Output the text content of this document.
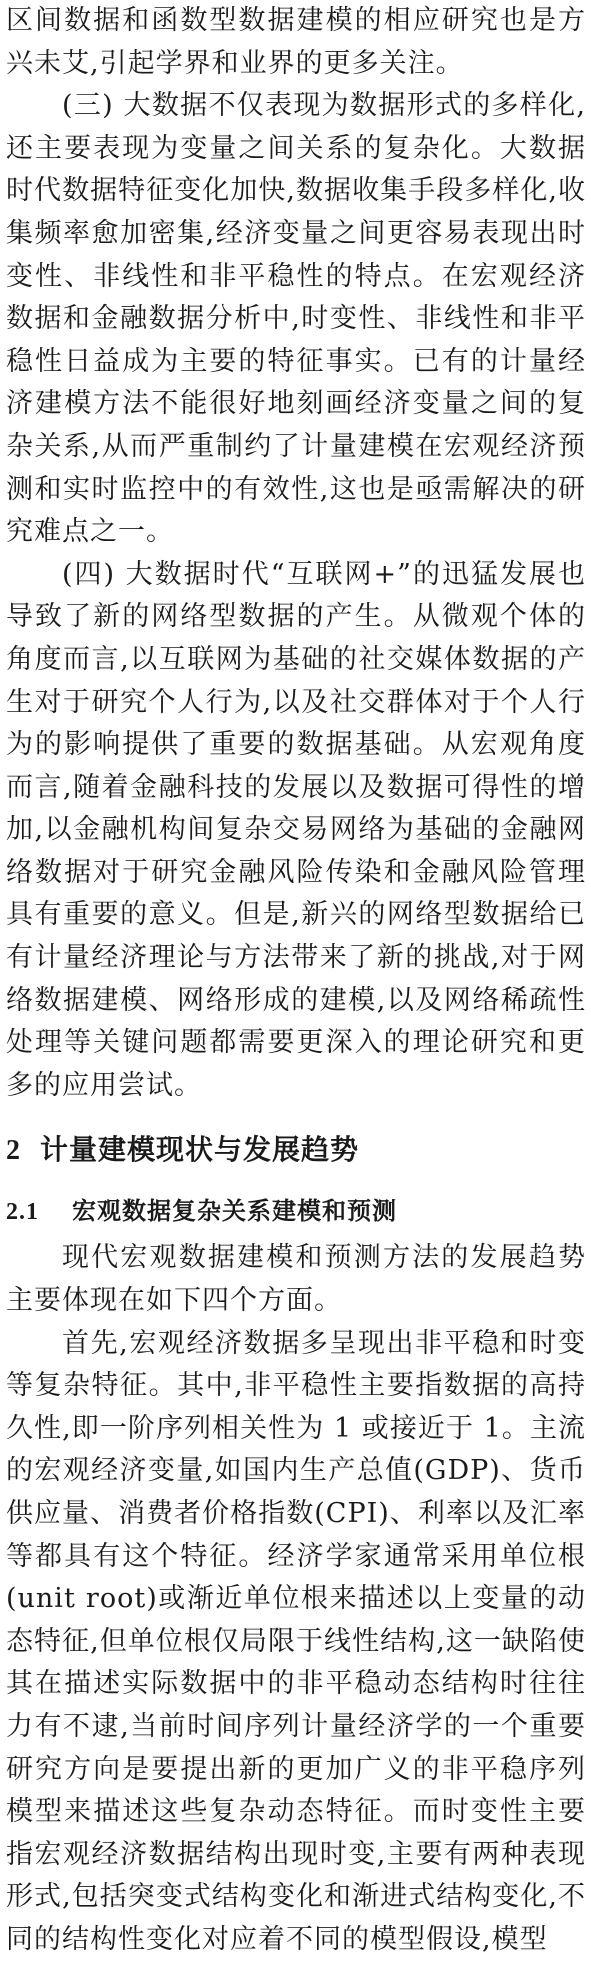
区间数据和函数型数据建模的相应研究也是方兴未艾,引起学界和业界的更多关注。

(三) 大数据不仅表现为数据形式的多样化,还主要表现为变量之间关系的复杂化。大数据时代数据特征变化加快,数据收集手段多样化,收集频率愈加密集,经济变量之间更容易表现出时变性、非线性和非平稳性的特点。在宏观经济数据和金融数据分析中,时变性、非线性和非平稳性日益成为主要的特征事实。已有的计量经济建模方法不能很好地刻画经济变量之间的复杂关系,从而严重制约了计量建模在宏观经济预测和实时监控中的有效性,这也是亟需解决的研究难点之一。

(四) 大数据时代“互联网+”的迅猛发展也导致了新的网络型数据的产生。从微观个体的角度而言,以互联网为基础的社交媒体数据的产生对于研究个人行为,以及社交群体对于个人行为的影响提供了重要的数据基础。从宏观角度而言,随着金融科技的发展以及数据可得性的增加,以金融机构间复杂交易网络为基础的金融网络数据对于研究金融风险传染和金融风险管理具有重要的意义。但是,新兴的网络型数据给已有计量经济理论与方法带来了新的挑战,对于网络数据建模、网络形成的建模,以及网络稀疏性处理等关键问题都需要更深入的理论研究和更多的应用尝试。

2 计量建模现状与发展趋势
2.1 宏观数据复杂关系建模和预测

现代宏观数据建模和预测方法的发展趋势主要体现在如下四个方面。

首先,宏观经济数据多呈现出非平稳和时变等复杂特征。其中,非平稳性主要指数据的高持久性,即一阶序列相关性为 1 或接近于 1。主流的宏观经济变量,如国内生产总值(GDP)、货币供应量、消费者价格指数(CPI)、利率以及汇率等都具有这个特征。经济学家通常采用单位根(unit root)或渐近单位根来描述以上变量的动态特征,但单位根仅局限于线性结构,这一缺陷使其在描述实际数据中的非平稳动态结构时往往力有不逮,当前时间序列计量经济学的一个重要研究方向是要提出新的更加广义的非平稳序列模型来描述这些复杂动态特征。而时变性主要指宏观经济数据结构出现时变,主要有两种表现形式,包括突变式结构变化和渐进式结构变化,不同的结构性变化对应着不同的模型假设,模型
